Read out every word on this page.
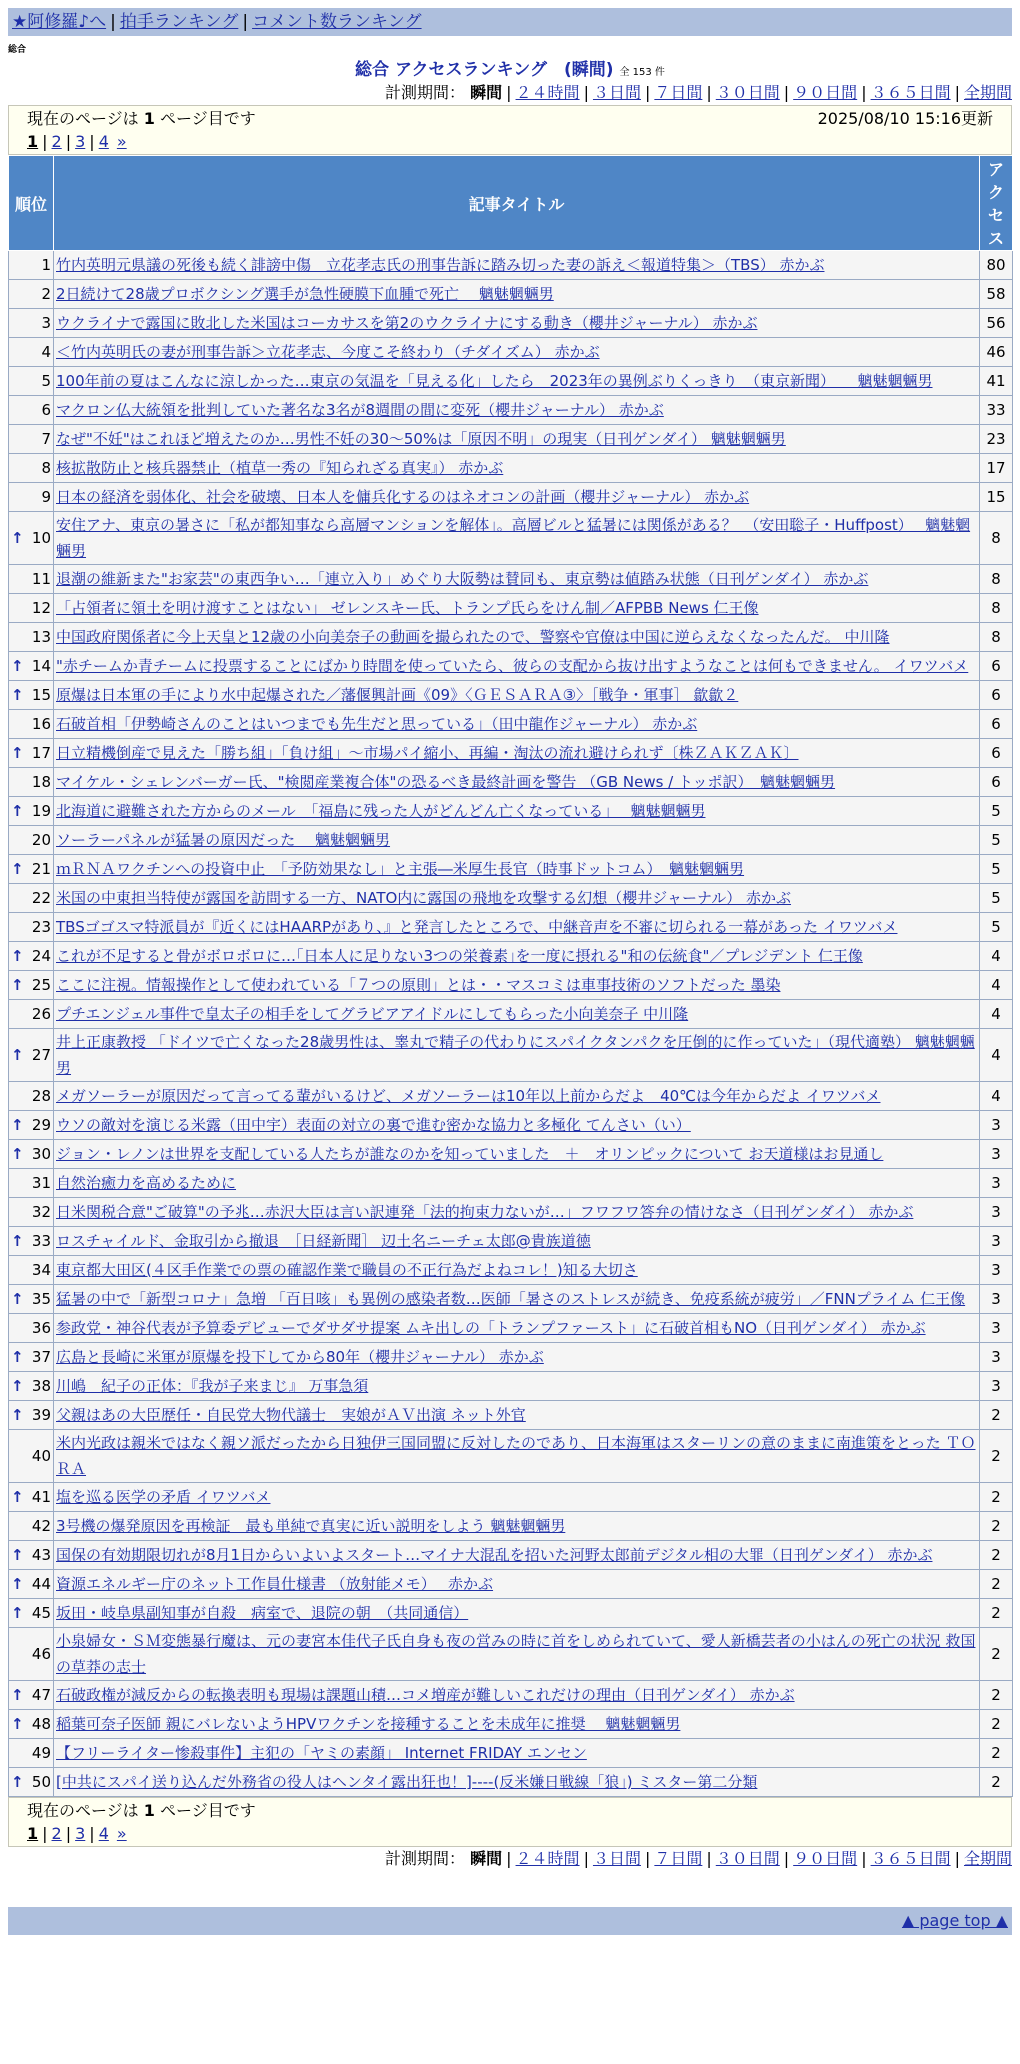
★阿修羅♪へ | 拍手ランキング | コメント数ランキング
総合
総合 アクセスランキング　(瞬間) 全 153 件
計測期間： 瞬間 | ２４時間 | ３日間 | ７日間 | ３０日間 | ９０日間 | ３６５日間 | 全期間
現在のページは 1 ページ目です	2025/08/10 15:16更新
1 | 2 | 3 | 4 »
順位	記事タイトル	アクセス
1	竹内英明元県議の死後も続く誹謗中傷　立花孝志氏の刑事告訴に踏み切った妻の訴え＜報道特集＞（TBS） 赤かぶ	80
2	2日続けて28歳プロボクシング選手が急性硬膜下血腫で死亡　 魑魅魍魎男	58
3	ウクライナで露国に敗北した米国はコーカサスを第2のウクライナにする動き（櫻井ジャーナル） 赤かぶ	56
4	＜竹内英明氏の妻が刑事告訴＞立花孝志、今度こそ終わり（チダイズム） 赤かぶ	46
5	100年前の夏はこんなに涼しかった…東京の気温を「見える化」したら　2023年の異例ぶりくっきり　（東京新聞）　　魑魅魍魎男	41
6	マクロン仏大統領を批判していた著名な3名が8週間の間に変死（櫻井ジャーナル） 赤かぶ	33
7	なぜ"不妊"はこれほど増えたのか…男性不妊の30～50%は「原因不明」の現実（日刊ゲンダイ） 魑魅魍魎男	23
8	核拡散防止と核兵器禁止（植草一秀の『知られざる真実』） 赤かぶ	17
9	日本の経済を弱体化、社会を破壊、日本人を傭兵化するのはネオコンの計画（櫻井ジャーナル） 赤かぶ	15

↑ 10	安住アナ、東京の暑さに「私が都知事なら高層マンションを解体」。高層ビルと猛暑には関係がある？　（安田聡子・Huffpost）　 魑魅魍魎男	8
11	退潮の維新また"お家芸"の東西争い…「連立入り」めぐり大阪勢は賛同も、東京勢は値踏み状態（日刊ゲンダイ） 赤かぶ	8
12	「占領者に領土を明け渡すことはない」 ゼレンスキー氏、トランプ氏らをけん制／AFPBB News 仁王像	8
13	中国政府関係者に今上天皇と12歳の小向美奈子の動画を撮られたので、警察や官僚は中国に逆らえなくなったんだ。 中川隆	8

↑ 14	"赤チームか青チームに投票することにばかり時間を使っていたら、彼らの支配から抜け出すようなことは何もできません。 イワツバメ	6

↑ 15	原爆は日本軍の手により水中起爆された／藩偃興計画《09》〈ＧＥＳＡＲＡ③〉［戦争・軍事］ 歙歙２	6
16	石破首相「伊勢崎さんのことはいつまでも先生だと思っている」（田中龍作ジャーナル） 赤かぶ	6

↑ 17	日立精機倒産で見えた「勝ち組」「負け組」～市場パイ縮小、再編・淘汰の流れ避けられず〔株ＺＡＫＺＡＫ〕	6
18	マイケル・シェレンバーガー氏、"検閲産業複合体"の恐るべき最終計画を警告 （GB News / トッポ訳）　魑魅魍魎男	6

↑ 19	北海道に避難された方からのメール　「福島に残った人がどんどん亡くなっている」　 魑魅魍魎男	5
20	ソーラーパネルが猛暑の原因だった　 魑魅魍魎男	5

↑ 21	ｍＲＮＡワクチンへの投資中止　「予防効果なし」と主張―米厚生長官（時事ドットコム）　魑魅魍魎男	5
22	米国の中東担当特使が露国を訪問する一方、NATO内に露国の飛地を攻撃する幻想（櫻井ジャーナル） 赤かぶ	5
23	TBSゴゴスマ特派員が『近くにはHAARPがあり、』と発言したところで、中継音声を不審に切られる一幕があった イワツバメ	5

↑ 24	これが不足すると骨がボロボロに…｢日本人に足りない3つの栄養素｣を一度に摂れる"和の伝統食"／プレジデント 仁王像	4

↑ 25	ここに注視。情報操作として使われている「７つの原則」とは・・マスコミは車事技術のソフトだった 墨染	4
26	プチエンジェル事件で皇太子の相手をしてグラビアアイドルにしてもらった小向美奈子 中川隆	4

↑ 27	井上正康教授 「ドイツで亡くなった28歳男性は、睾丸で精子の代わりにスパイクタンパクを圧倒的に作っていた」（現代適塾） 魑魅魍魎男	4
28	メガソーラーが原因だって言ってる輩がいるけど、メガソーラーは10年以上前からだよ　40℃は今年からだよ イワツバメ	4

↑ 29	ウソの敵対を演じる米露（田中宇）表面の対立の裏で進む密かな協力と多極化 てんさい（い）	3

↑ 30	ジョン・レノンは世界を支配している人たちが誰なのかを知っていました　＋　オリンピックについて お天道様はお見通し	3
31	自然治癒力を高めるために	3
32	日米関税合意"ご破算"の予兆…赤沢大臣は言い訳連発「法的拘束力ないが…」フワフワ答弁の情けなさ（日刊ゲンダイ） 赤かぶ	3

↑ 33	ロスチャイルド、金取引から撤退　［日経新聞］ 辺土名ニーチェ太郎@貴族道徳	3
34	東京都大田区(４区手作業での票の確認作業で職員の不正行為だよねコレ！)知る大切さ	3

↑ 35	猛暑の中で「新型コロナ」急増 「百日咳」も異例の感染者数…医師「暑さのストレスが続き、免疫系統が疲労」／FNNプライム 仁王像	3
36	参政党・神谷代表が予算委デビューでダサダサ提案 ムキ出しの「トランプファースト」に石破首相もNO（日刊ゲンダイ） 赤かぶ	3

↑ 37	広島と長崎に米軍が原爆を投下してから80年（櫻井ジャーナル） 赤かぶ	3

↑ 38	川嶋　紀子の正体：『我が子来まじ』 万事急須	3

↑ 39	父親はあの大臣歴任・自民党大物代議士　実娘がＡＶ出演 ネット外官	2
40	米内光政は親米ではなく親ソ派だったから日独伊三国同盟に反対したのであり、日本海軍はスターリンの意のままに南進策をとった ＴＯＲＡ	2

↑ 41	塩を巡る医学の矛盾 イワツバメ	2
42	3号機の爆発原因を再検証　最も単純で真実に近い説明をしよう 魑魅魍魎男	2

↑ 43	国保の有効期限切れが8月1日からいよいよスタート…マイナ大混乱を招いた河野太郎前デジタル相の大罪（日刊ゲンダイ） 赤かぶ	2

↑ 44	資源エネルギー庁のネット工作員仕様書 （放射能メモ）　 赤かぶ	2

↑ 45	坂田・岐阜県副知事が自殺　病室で、退院の朝　（共同通信）	2
46	小泉婦女・ＳＭ変態暴行魔は、元の妻宮本佳代子氏自身も夜の営みの時に首をしめられていて、愛人新橋芸者の小はんの死亡の状況 救国の草莽の志士	2

↑ 47	石破政権が減反からの転換表明も現場は課題山積…コメ増産が難しいこれだけの理由（日刊ゲンダイ） 赤かぶ	2

↑ 48	稲葉可奈子医師 親にバレないようHPVワクチンを接種することを未成年に推奨　 魑魅魍魎男	2
49	【フリーライター惨殺事件】主犯の「ヤミの素顔」 Internet FRIDAY エンセン	2

↑ 50	[中共にスパイ送り込んだ外務省の役人はヘンタイ露出狂也！]----(反米嫌日戦線「狼」) ミスター第二分類	2
現在のページは 1 ページ目です
1 | 2 | 3 | 4 »
計測期間： 瞬間 | ２４時間 | ３日間 | ７日間 | ３０日間 | ９０日間 | ３６５日間 | 全期間
▲ page top ▲
